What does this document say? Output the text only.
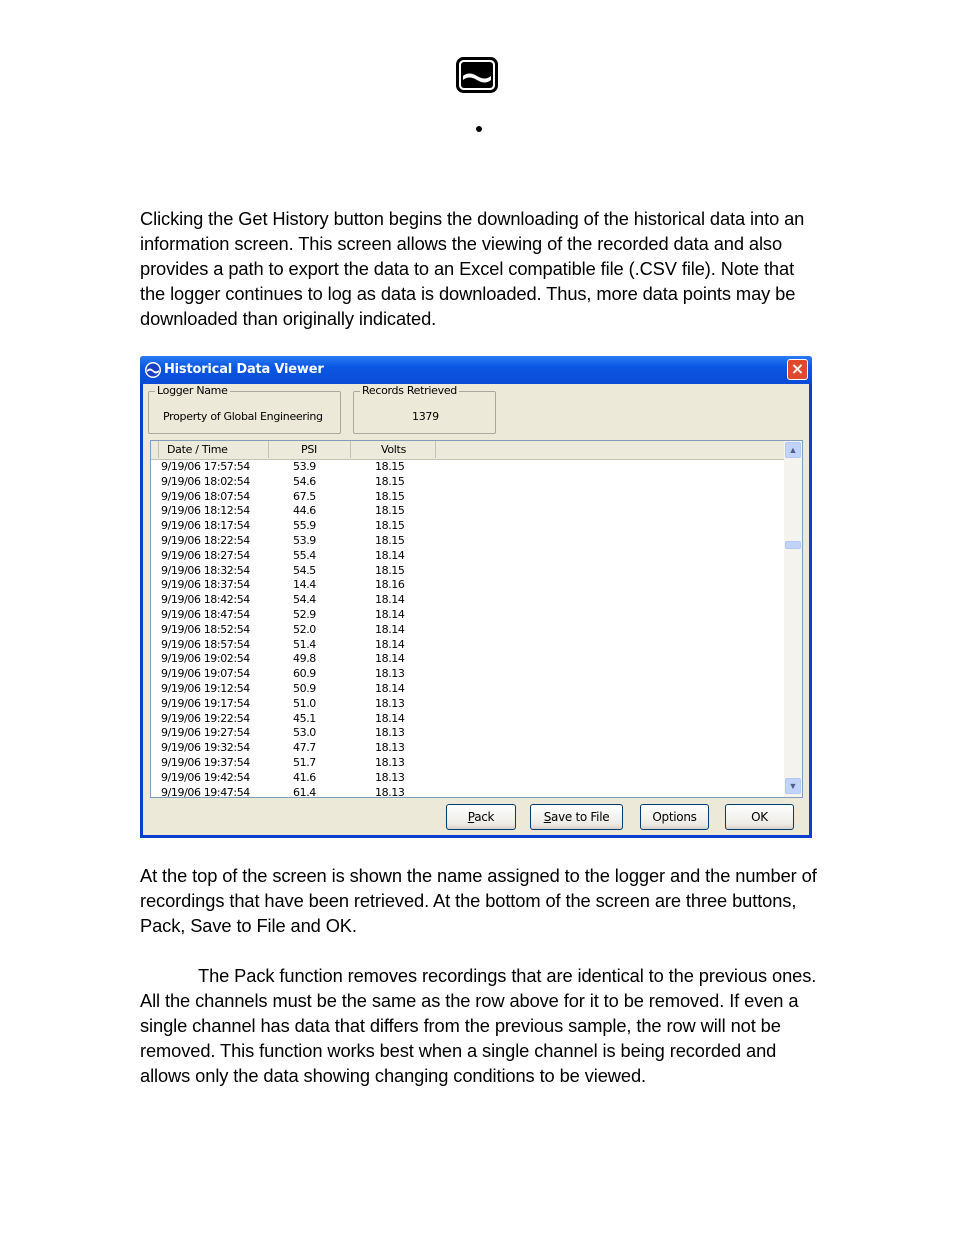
Clicking the Get History button begins the downloading of the historical data into an
information screen. This screen allows the viewing of the recorded data and also
provides a path to export the data to an Excel compatible file (.CSV file). Note that
the logger continues to log as data is downloaded. Thus, more data points may be
downloaded than originally indicated.

Historical Data Viewer	×
Logger Name
Property of Global Engineering
Records Retrieved
1379
Date / Time	PSI	Volts
9/19/06 17:57:54	53.9	18.15
9/19/06 18:02:54	54.6	18.15
9/19/06 18:07:54	67.5	18.15
9/19/06 18:12:54	44.6	18.15
9/19/06 18:17:54	55.9	18.15
9/19/06 18:22:54	53.9	18.15
9/19/06 18:27:54	55.4	18.14
9/19/06 18:32:54	54.5	18.15
9/19/06 18:37:54	14.4	18.16
9/19/06 18:42:54	54.4	18.14
9/19/06 18:47:54	52.9	18.14
9/19/06 18:52:54	52.0	18.14
9/19/06 18:57:54	51.4	18.14
9/19/06 19:02:54	49.8	18.14
9/19/06 19:07:54	60.9	18.13
9/19/06 19:12:54	50.9	18.14
9/19/06 19:17:54	51.0	18.13
9/19/06 19:22:54	45.1	18.14
9/19/06 19:27:54	53.0	18.13
9/19/06 19:32:54	47.7	18.13
9/19/06 19:37:54	51.7	18.13
9/19/06 19:42:54	41.6	18.13
9/19/06 19:47:54	61.4	18.13
▲
▼
Pack	Save to File	Options	OK

At the top of the screen is shown the name assigned to the logger and the number of
recordings that have been retrieved. At the bottom of the screen are three buttons,
Pack, Save to File and OK.

The Pack function removes recordings that are identical to the previous ones.
All the channels must be the same as the row above for it to be removed. If even a
single channel has data that differs from the previous sample, the row will not be
removed. This function works best when a single channel is being recorded and
allows only the data showing changing conditions to be viewed.
